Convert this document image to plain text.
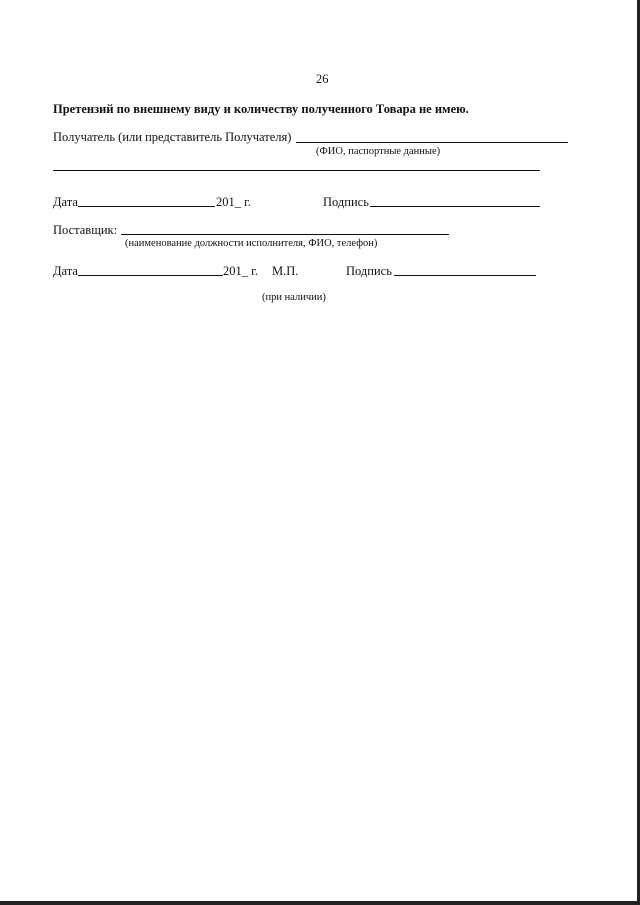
26
Претензий по внешнему виду и количеству полученного Товара не имею.
Получатель (или представитель Получателя)
(ФИО, паспортные данные)
Дата	201_ г.	Подпись
Поставщик:
(наименование должности исполнителя, ФИО, телефон)
Дата	201_ г. М.П.	Подпись
(при наличии)
